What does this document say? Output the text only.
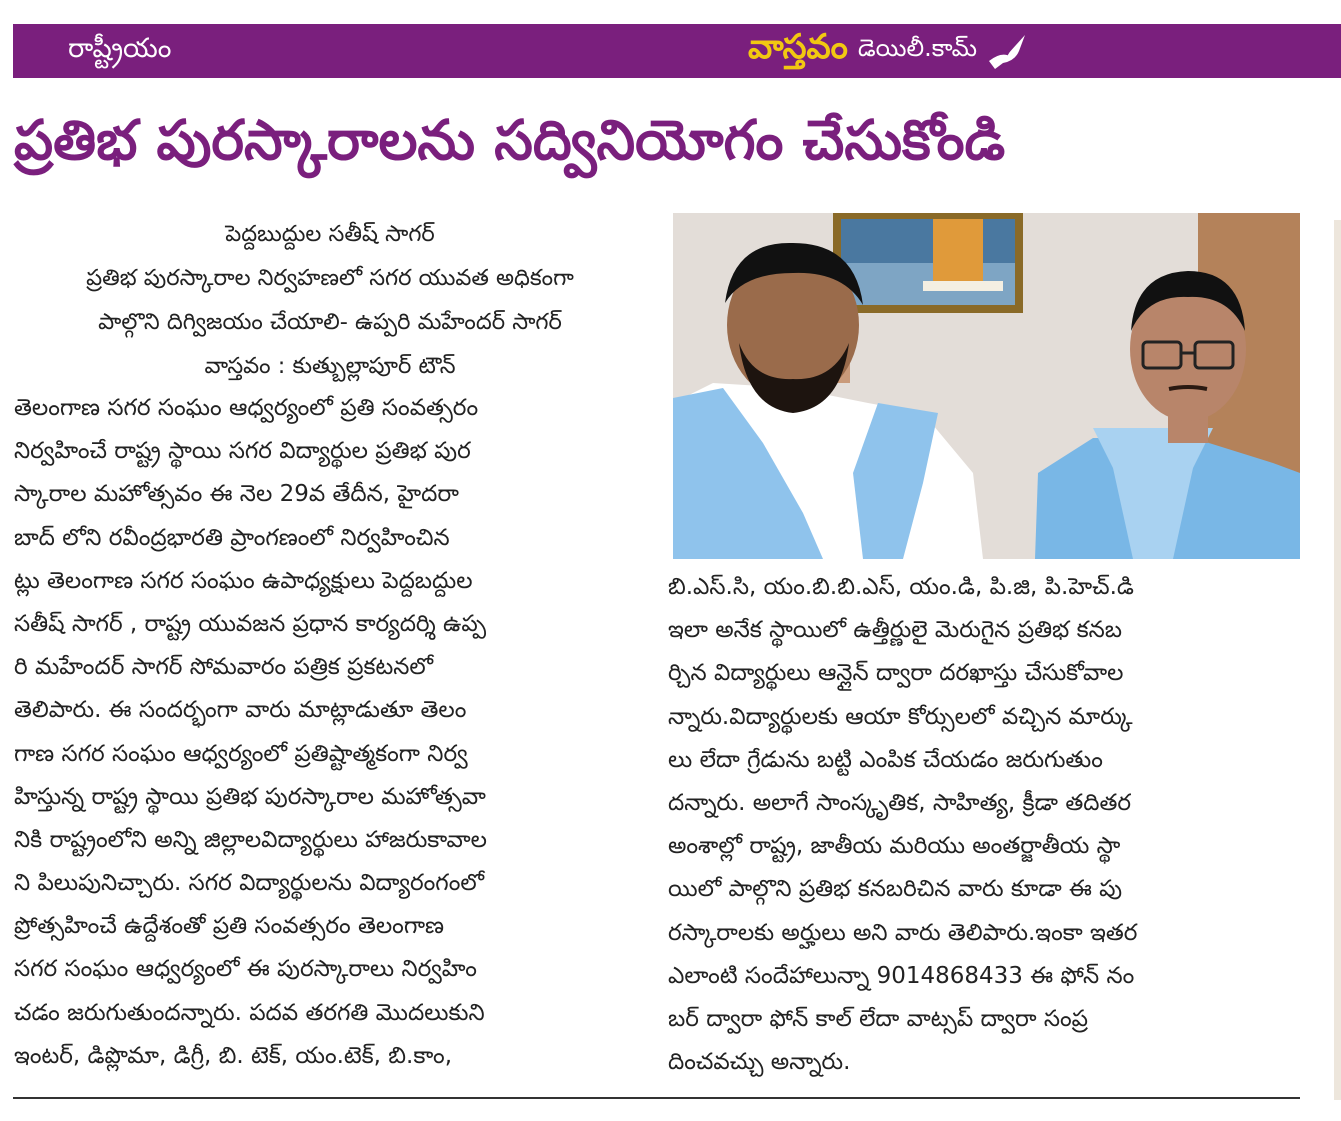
రాష్ట్రీయం	వాస్తవం డెయిలీ.కామ్
ప్రతిభ పురస్కారాలను సద్వినియోగం చేసుకోండి

పెద్దబుద్దుల సతీష్ సాగర్

ప్రతిభ పురస్కారాల నిర్వహణలో సగర యువత అధికంగా

పాల్గొని దిగ్విజయం చేయాలి- ఉప్పరి మహేందర్ సాగర్

వాస్తవం : కుత్బుల్లాపూర్ టౌన్

తెలంగాణ సగర సంఘం ఆధ్వర్యంలో ప్రతి సంవత్సరం

నిర్వహించే రాష్ట్ర స్థాయి సగర విద్యార్థుల ప్రతిభ పుర

స్కారాల మహోత్సవం ఈ నెల 29వ తేదీన, హైదరా

బాద్ లోని రవీంద్రభారతి ప్రాంగణంలో నిర్వహించిన

ట్లు తెలంగాణ సగర సంఘం ఉపాధ్యక్షులు పెద్దబద్దుల

సతీష్ సాగర్ , రాష్ట్ర యువజన ప్రధాన కార్యదర్శి ఉప్ప

రి మహేందర్ సాగర్ సోమవారం పత్రిక ప్రకటనలో

తెలిపారు. ఈ సందర్భంగా వారు మాట్లాడుతూ తెలం

గాణ సగర సంఘం ఆధ్వర్యంలో ప్రతిష్టాత్మకంగా నిర్వ

హిస్తున్న రాష్ట్ర స్థాయి ప్రతిభ పురస్కారాల మహోత్సవా

నికి రాష్ట్రంలోని అన్ని జిల్లాలవిద్యార్థులు హాజరుకావాల

ని పిలుపునిచ్చారు. సగర విద్యార్థులను విద్యారంగంలో

ప్రోత్సహించే ఉద్దేశంతో ప్రతి సంవత్సరం తెలంగాణ

సగర సంఘం ఆధ్వర్యంలో ఈ పురస్కారాలు నిర్వహిం

చడం జరుగుతుందన్నారు. పదవ తరగతి మొదలుకుని

ఇంటర్, డిప్లొమా, డిగ్రీ, బి. టెక్, యం.టెక్, బి.కాం,

బి.ఎస్.సి, యం.బి.బి.ఎస్, యం.డి, పి.జి, పి.హెచ్.డి

ఇలా అనేక స్థాయిలో ఉత్తీర్ణులై మెరుగైన ప్రతిభ కనబ

ర్చిన విద్యార్థులు ఆన్లైన్ ద్వారా దరఖాస్తు చేసుకోవాల

న్నారు.విద్యార్థులకు ఆయా కోర్సులలో వచ్చిన మార్కు

లు లేదా గ్రేడును బట్టి ఎంపిక చేయడం జరుగుతుం

దన్నారు. అలాగే సాంస్కృతిక, సాహిత్య, క్రీడా తదితర

అంశాల్లో రాష్ట్ర, జాతీయ మరియు అంతర్జాతీయ స్థా

యిలో పాల్గొని ప్రతిభ కనబరిచిన వారు కూడా ఈ పు

రస్కారాలకు అర్హులు అని వారు తెలిపారు.ఇంకా ఇతర

ఎలాంటి సందేహాలున్నా 9014868433 ఈ ఫోన్ నం

బర్ ద్వారా ఫోన్ కాల్ లేదా వాట్సప్ ద్వారా సంప్ర

దించవచ్చు అన్నారు.
